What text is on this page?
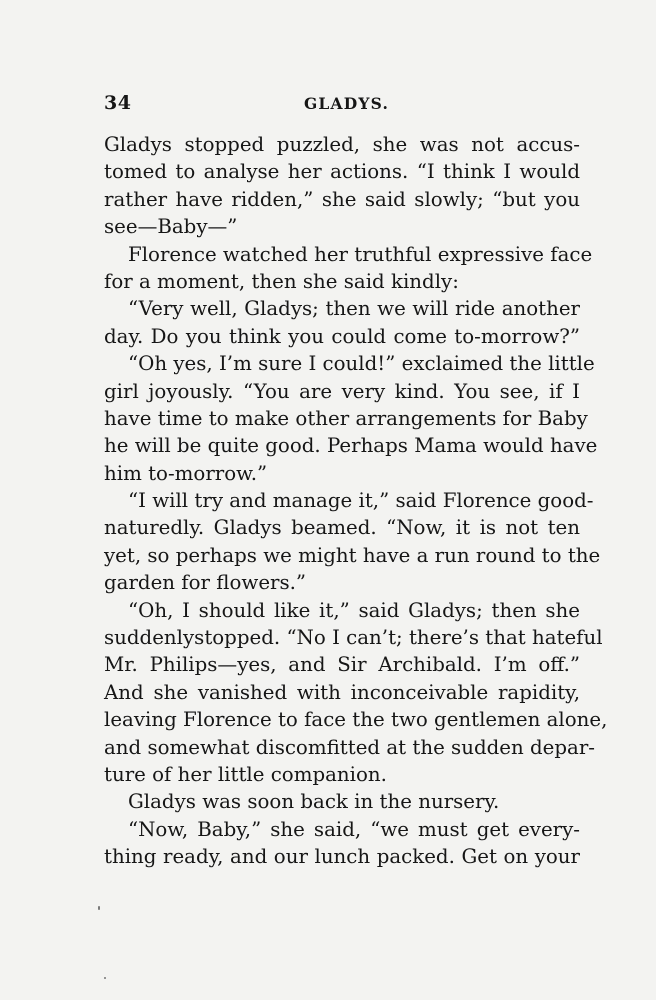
34	GLADYS.
Gladys stopped puzzled, she was not accus-
tomed to analyse her actions. “I think I would
rather have ridden,” she said slowly; “but you
see—Baby—”
Florence watched her truthful expressive face
for a moment, then she said kindly:
“Very well, Gladys; then we will ride another
day. Do you think you could come to-morrow?”
“Oh yes, I’m sure I could!” exclaimed the little
girl joyously. “You are very kind. You see, if I
have time to make other arrangements for Baby
he will be quite good. Perhaps Mama would have
him to-morrow.”
“I will try and manage it,” said Florence good-
naturedly. Gladys beamed. “Now, it is not ten
yet, so perhaps we might have a run round to the
garden for flowers.”
“Oh, I should like it,” said Gladys; then she
suddenlystopped. “No I can’t; there’s that hateful
Mr. Philips—yes, and Sir Archibald. I’m off.”
And she vanished with inconceivable rapidity,
leaving Florence to face the two gentlemen alone,
and somewhat discomfitted at the sudden depar-
ture of her little companion.
Gladys was soon back in the nursery.
“Now, Baby,” she said, “we must get every-
thing ready, and our lunch packed. Get on your
